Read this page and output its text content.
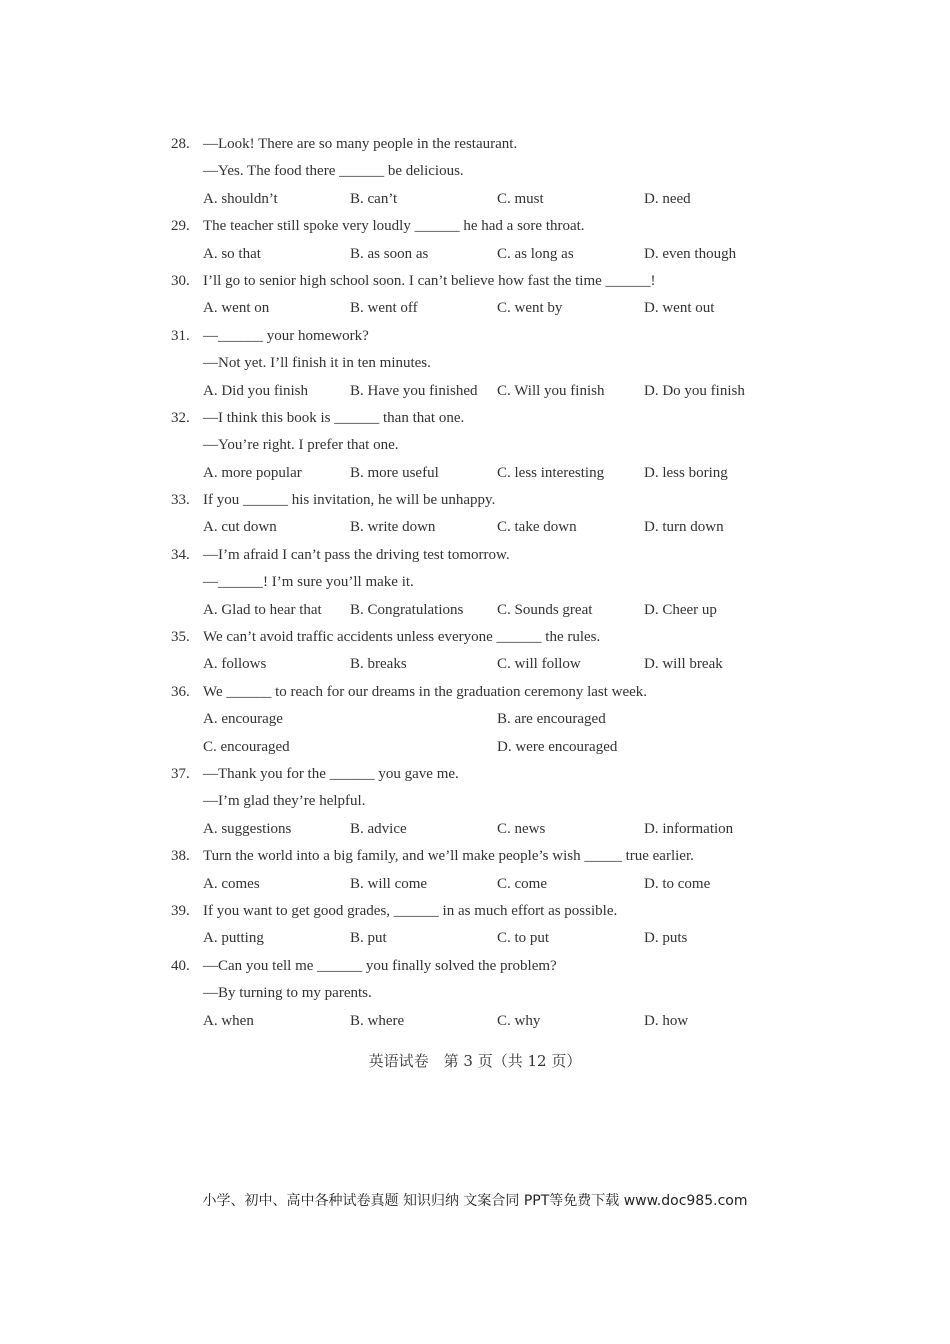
28. —Look! There are so many people in the restaurant.
—Yes. The food there ______ be delicious.
A. shouldn’t	B. can’t	C. must	D. need
29. The teacher still spoke very loudly ______ he had a sore throat.
A. so that	B. as soon as	C. as long as	D. even though
30. I’ll go to senior high school soon. I can’t believe how fast the time ______!
A. went on	B. went off	C. went by	D. went out
31. —______ your homework?
—Not yet. I’ll finish it in ten minutes.
A. Did you finish	B. Have you finished	C. Will you finish	D. Do you finish
32. —I think this book is ______ than that one.
—You’re right. I prefer that one.
A. more popular	B. more useful	C. less interesting	D. less boring
33. If you ______ his invitation, he will be unhappy.
A. cut down	B. write down	C. take down	D. turn down
34. —I’m afraid I can’t pass the driving test tomorrow.
—______! I’m sure you’ll make it.
A. Glad to hear that	B. Congratulations	C. Sounds great	D. Cheer up
35. We can’t avoid traffic accidents unless everyone ______ the rules.
A. follows	B. breaks	C. will follow	D. will break
36. We ______ to reach for our dreams in the graduation ceremony last week.
A. encourage	B. are encouraged
C. encouraged	D. were encouraged
37. —Thank you for the ______ you gave me.
—I’m glad they’re helpful.
A. suggestions	B. advice	C. news	D. information
38. Turn the world into a big family, and we’ll make people’s wish _____ true earlier.
A. comes	B. will come	C. come	D. to come
39. If you want to get good grades, ______ in as much effort as possible.
A. putting	B. put	C. to put	D. puts
40. —Can you tell me ______ you finally solved the problem?
—By turning to my parents.
A. when	B. where	C. why	D. how
英语试卷　第 3 页（共 12 页）
小学、初中、高中各种试卷真题 知识归纳 文案合同 PPT等免费下载 www.doc985.com
